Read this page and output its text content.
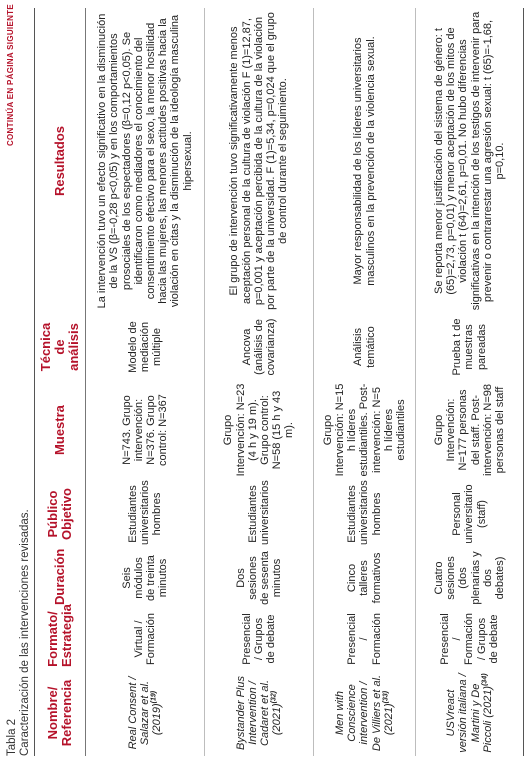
Tabla 2 Caracterización de las intervenciones revisadas.
CONTINÚA EN PÁGINA SIGUIENTE
Nombre/ Referencia	Formato/ Estrategia	Duración	Público Objetivo	Muestra	Técnica de análisis	Resultados
Real Consent / Salazar et al. $(2019)^{(19)}$	Virtual / Formación	Seis módulos de treinta minutos	Estudiantes universitarios hombres	N=743. Grupo intervención: N=376. Grupo control: N=367	Modelo de mediación múltiple	La intervención tuvo un efecto significativo en la disminución de la VS (β=-0,28 p<0,05) y en los comportamientos prosociales de los espectadores (β=0,12 p<0,05). Se identificaron como mediadores el conocimiento del consentimiento efectivo para el sexo, la menor hostilidad hacia las mujeres, las menores actitudes positivas hacia la violación en citas y la disminución de la ideología masculina hipersexual.
Bystander Plus Intervention / Cadaret et al. $(2021)^{(32)}$	Presencial / Grupos de debate	Dos sesiones de sesenta minutos	Estudiantes universitarios	Grupo Intervención: N=23 (4 h y 19 m). Grupo control: N=58 (15 h y 43 m).	Ancova (análisis de covarianza)	El grupo de intervención tuvo significativamente menos aceptación personal de la cultura de violación F (1)=12,87, p=0,001 y aceptación percibida de la cultura de la violación por parte de la universidad. F (1)=5,34, p=0,024 que el grupo de control durante el seguimiento.
Men with Conscience intervention / De Villiers et al. $(2021)^{(33)}$	Presencial / Formación	Cinco talleres formativos	Estudiantes universitarios hombres	Grupo Intervención: N=15 h líderes estudiantiles. Post-intervención: N=5 h líderes estudiantiles	Análisis temático	Mayor responsabilidad de los líderes universitarios masculinos en la prevención de la violencia sexual.
USVreact versión italiana / Martini y De Piccoli $(2021)^{(34)}$	Presencial / Formación / Grupos de debate	Cuatro sesiones (dos plenarias y dos debates)	Personal universitario (staff)	Grupo Intervención: N=177 personas del staff. Post-intervención: N=98 personas del staff	Prueba t de muestras pareadas	Se reporta menor justificación del sistema de género: t (65)=2,73, p=0,01) y menor aceptación de los mitos de violación t (64)=2,61, p=0,01. No hubo diferencias significativas en la intención de los testigos de intervenir para prevenir o contrarrestar una agresión sexual: t (65)=-1,68, p=0,10.
